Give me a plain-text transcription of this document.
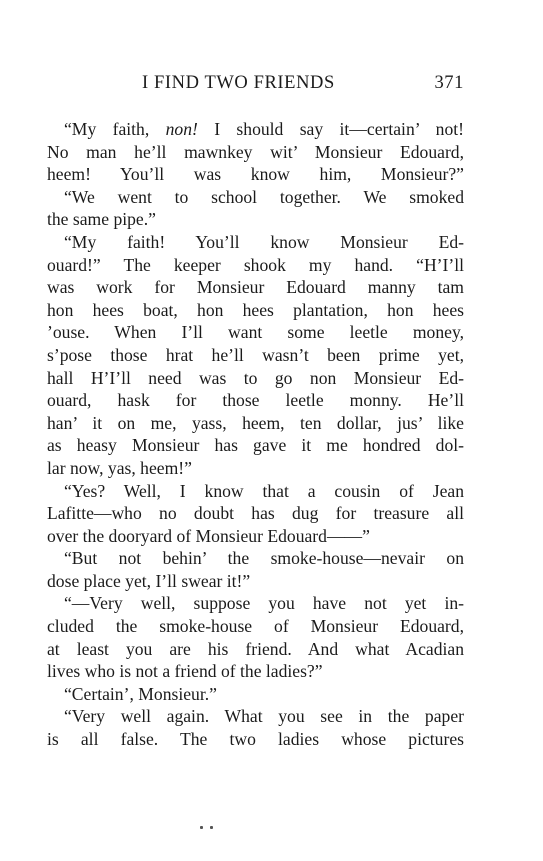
I FIND TWO FRIENDS	371
“My faith, non! I should say it—certain’ not!
No man he’ll mawnkey wit’ Monsieur Edouard,
heem! You’ll was know him, Monsieur?”
“We went to school together. We smoked
the same pipe.”
“My faith! You’ll know Monsieur Ed-
ouard!” The keeper shook my hand. “H’I’ll
was work for Monsieur Edouard manny tam
hon hees boat, hon hees plantation, hon hees
’ouse. When I’ll want some leetle money,
s’pose those hrat he’ll wasn’t been prime yet,
hall H’I’ll need was to go non Monsieur Ed-
ouard, hask for those leetle monny. He’ll
han’ it on me, yass, heem, ten dollar, jus’ like
as heasy Monsieur has gave it me hondred dol-
lar now, yas, heem!”
“Yes? Well, I know that a cousin of Jean
Lafitte—who no doubt has dug for treasure all
over the dooryard of Monsieur Edouard——”
“But not behin’ the smoke-house—nevair on
dose place yet, I’ll swear it!”
“—Very well, suppose you have not yet in-
cluded the smoke-house of Monsieur Edouard,
at least you are his friend. And what Acadian
lives who is not a friend of the ladies?”
“Certain’, Monsieur.”
“Very well again. What you see in the paper
is all false. The two ladies whose pictures
